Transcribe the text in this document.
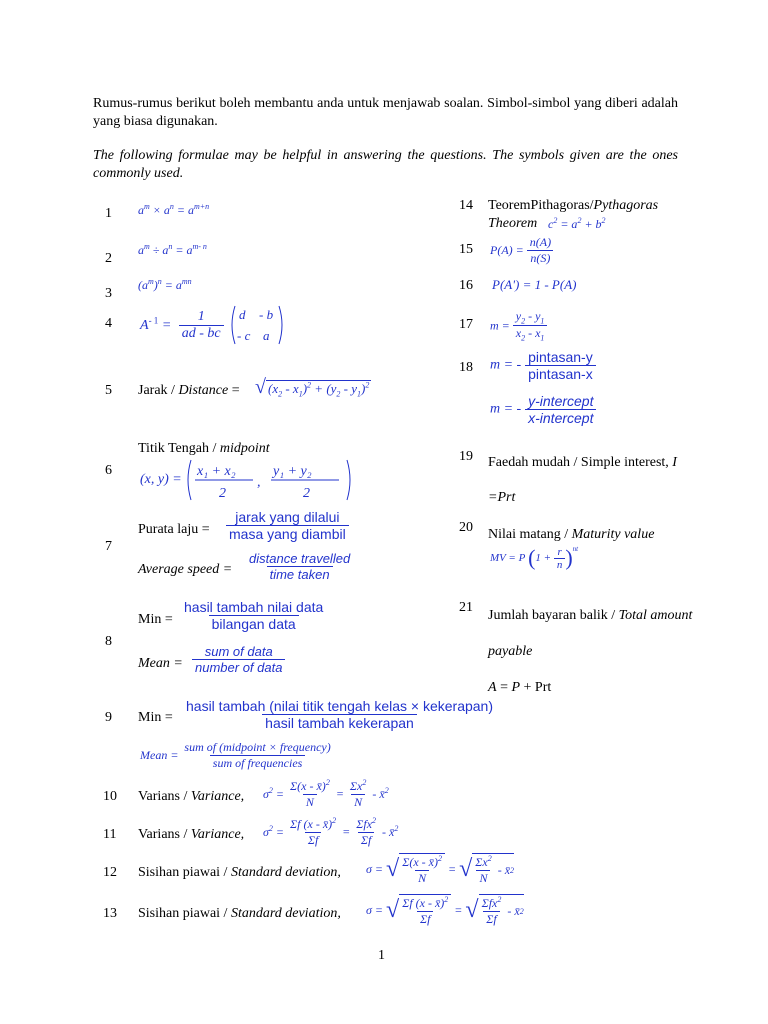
Rumus-rumus berikut boleh membantu anda untuk menjawab soalan. Simbol-simbol yang diberi adalah yang biasa digunakan.
The following formulae may be helpful in answering the questions. The symbols given are the ones commonly used.
1
2
3
4
5
6
7
8
9
10
11
12
13
14
15
16
17
18
19
20
21
$a^m \times a^n = a^{m+n}$
$a^m \div a^n = a^{m- n}$
$(a^m)^n = a^{mn}$
$A^{- 1} = \frac{1}{ad - bc}$
d - b
- c a
Jarak / Distance = √ $(x_2 - x_1)^2 + (y_2 - y_1)^2$
Titik Tengah / midpoint
(x, y) =
x₁ + x₂
2
,
y₁ + y₂
2
Purata laju = $\frac{\text{jarak yang dilalui}}{\text{masa yang diambil}}$
Average speed = $\frac{\text{distance travelled}}{\text{time taken}}$
Min = $\frac{\text{hasil tambah nilai data}}{\text{bilangan data}}$
Mean = $\frac{\text{sum of data}}{\text{number of data}}$
Min = $\frac{\text{hasil tambah (nilai titik tengah kelas × kekerapan)}}{\text{hasil tambah kekerapan}}$
Mean = $\frac{\text{sum of (midpoint × frequency)}}{\text{sum of frequencies}}$
Varians / Variance, $\sigma^2 = \frac{\Sigma(x - x̄)^2}{N} = \frac{\Sigma x^2}{N}$ - x̄$^2$
Varians / Variance, $\sigma^2 = \frac{\Sigma f (x - x̄)^2}{\Sigma f} = \frac{\Sigma fx^2}{\Sigma f}$ - x̄$^2$
Sisihan piawai / Standard deviation, σ = √ $\frac{\Sigma(x - x̄)^2}{N}$ = √ $\frac{\Sigma x^2}{N}$ - x̄ 2
Sisihan piawai / Standard deviation, σ = √ $\frac{\Sigma f (x - x̄)^2}{\Sigma f}$ = √ $\frac{\Sigma fx^2}{\Sigma f}$ - x̄ 2
TeoremPithagoras/Pythagoras
Theorem $c^2 = a^2 + b^2$
$P(A) = \frac{n(A)}{n(S)}$
P(A') = 1 - P(A)
$m = \frac{y_2 - y_1}{x_2 - x_1}$
m = - $\frac{\text{pintasan-y}}{\text{pintasan-x}}$
m = - $\frac{\text{y-intercept}}{\text{x-intercept}}$
Faedah mudah / Simple interest, I
=Prt
Nilai matang / Maturity value
MV = P $(1 + \frac{r}{n} )^{nt}$
Jumlah bayaran balik / Total amount
payable
A = P + Prt
1
